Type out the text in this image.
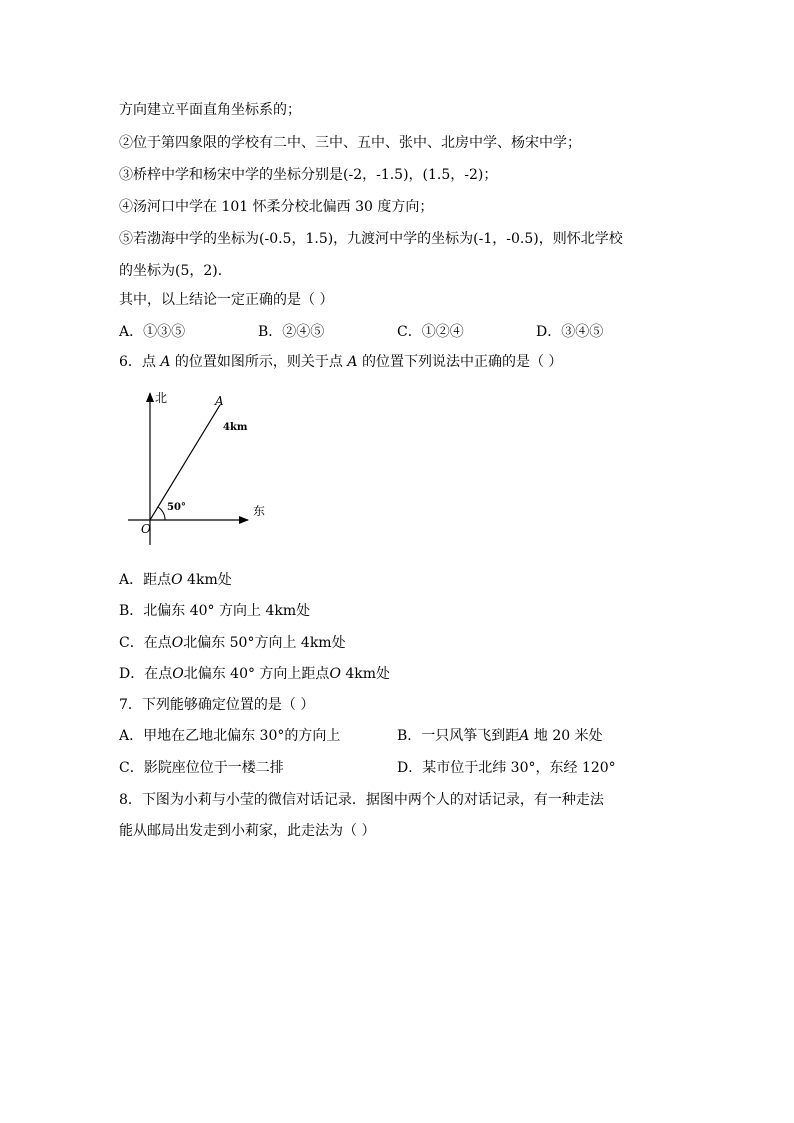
方向建立平面直角坐标系的；
②位于第四象限的学校有二中、三中、五中、张中、北房中学、杨宋中学；
③桥梓中学和杨宋中学的坐标分别是(-2，-1.5)，(1.5，-2)；
④汤河口中学在 101 怀柔分校北偏西 30 度方向；
⑤若渤海中学的坐标为(-0.5，1.5)，九渡河中学的坐标为(-1，-0.5)，则怀北学校
的坐标为(5，2)．
其中，以上结论一定正确的是（ ）
A．①③⑤	B．②④⑤	C．①②④	D．③④⑤
6．点 A 的位置如图所示，则关于点 A 的位置下列说法中正确的是（ ）
北
东
O
A
4km
50°
A．距点O 4km处
B．北偏东 40° 方向上 4km处
C．在点O北偏东 50°方向上 4km处
D．在点O北偏东 40° 方向上距点O 4km处
7．下列能够确定位置的是（ ）
A．甲地在乙地北偏东 30°的方向上	B．一只风筝飞到距A 地 20 米处
C．影院座位位于一楼二排	D．某市位于北纬 30°，东经 120°
8．下图为小莉与小莹的微信对话记录．据图中两个人的对话记录，有一种走法
能从邮局出发走到小莉家，此走法为（ ）
